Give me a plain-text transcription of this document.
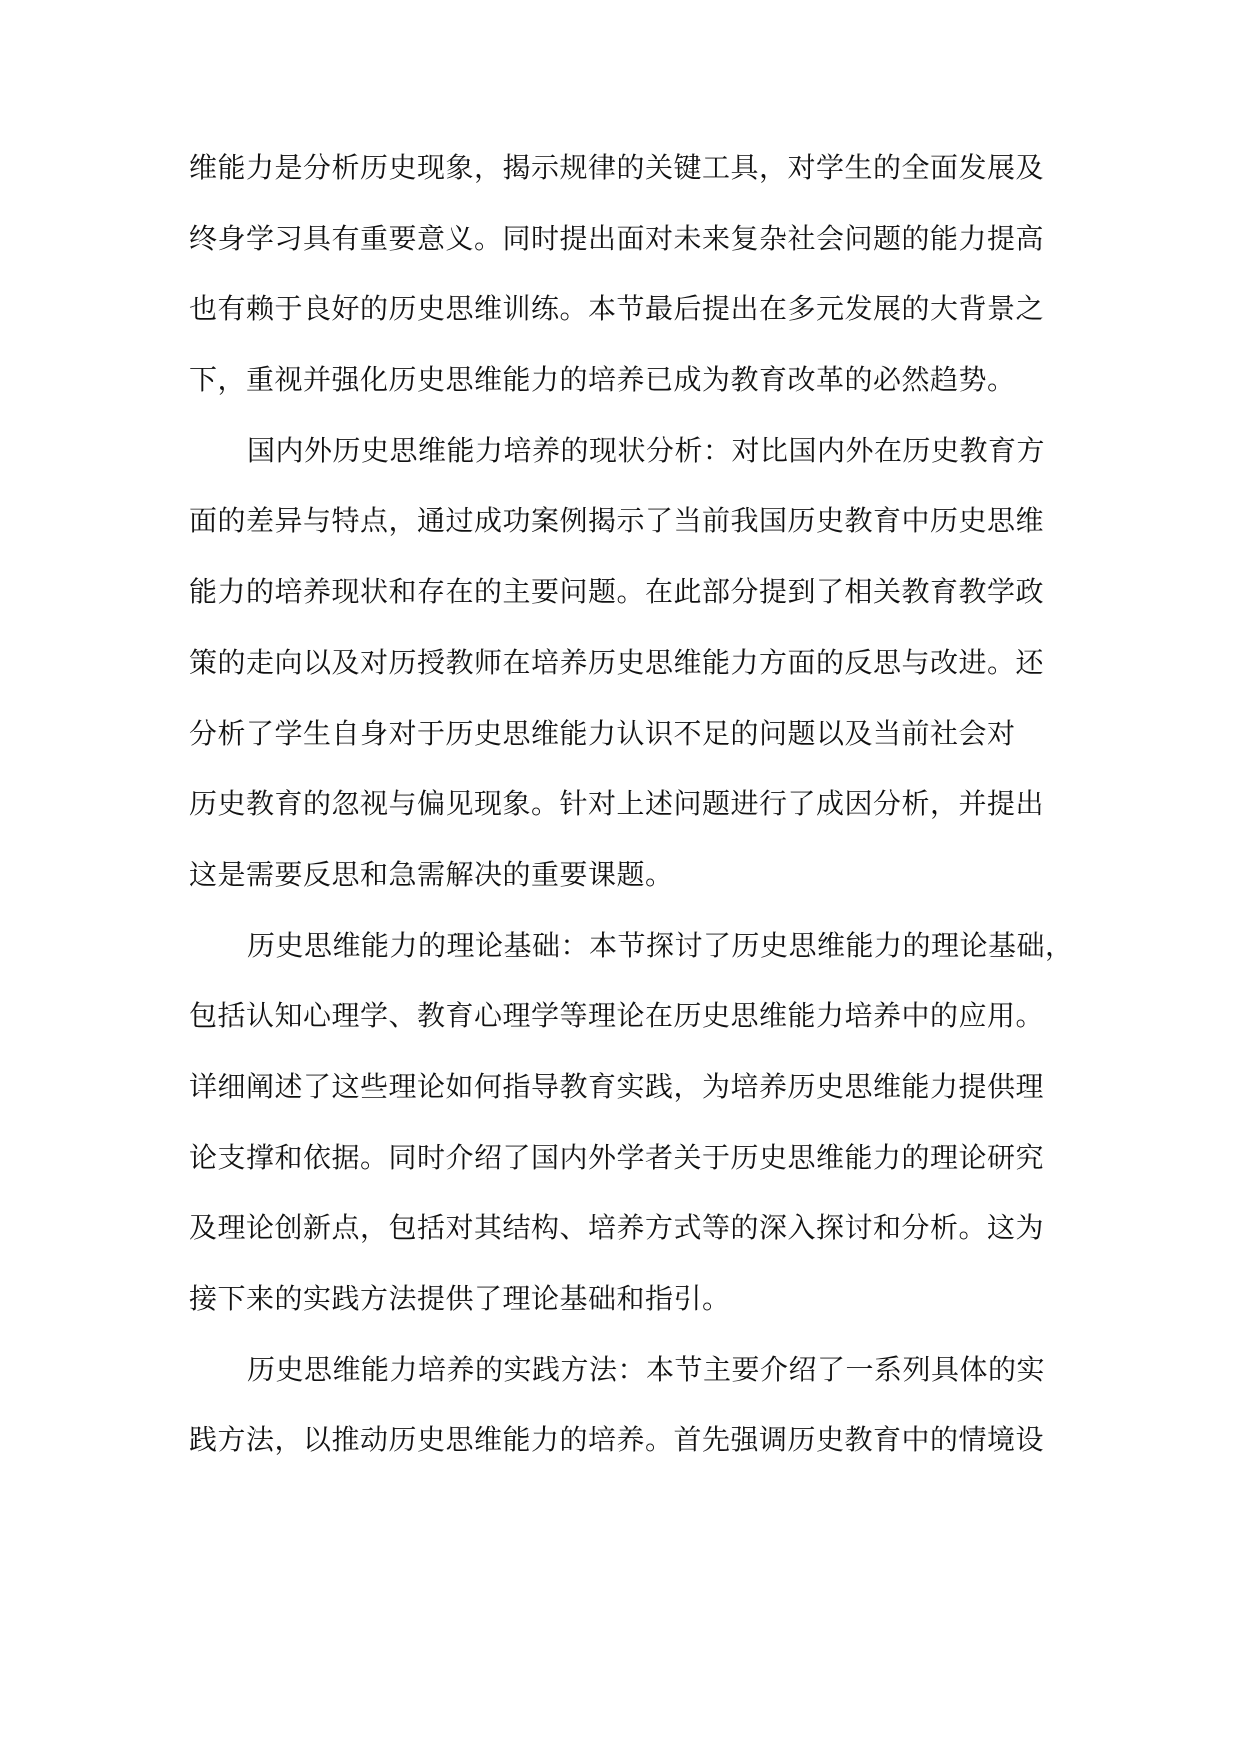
维能力是分析历史现象，揭示规律的关键工具，对学生的全面发展及
终身学习具有重要意义。同时提出面对未来复杂社会问题的能力提高
也有赖于良好的历史思维训练。本节最后提出在多元发展的大背景之
下，重视并强化历史思维能力的培养已成为教育改革的必然趋势。
国内外历史思维能力培养的现状分析：对比国内外在历史教育方
面的差异与特点，通过成功案例揭示了当前我国历史教育中历史思维
能力的培养现状和存在的主要问题。在此部分提到了相关教育教学政
策的走向以及对历授教师在培养历史思维能力方面的反思与改进。还
分析了学生自身对于历史思维能力认识不足的问题以及当前社会对
历史教育的忽视与偏见现象。针对上述问题进行了成因分析，并提出
这是需要反思和急需解决的重要课题。
历史思维能力的理论基础：本节探讨了历史思维能力的理论基础，
包括认知心理学、教育心理学等理论在历史思维能力培养中的应用。
详细阐述了这些理论如何指导教育实践，为培养历史思维能力提供理
论支撑和依据。同时介绍了国内外学者关于历史思维能力的理论研究
及理论创新点，包括对其结构、培养方式等的深入探讨和分析。这为
接下来的实践方法提供了理论基础和指引。
历史思维能力培养的实践方法：本节主要介绍了一系列具体的实
践方法，以推动历史思维能力的培养。首先强调历史教育中的情境设
